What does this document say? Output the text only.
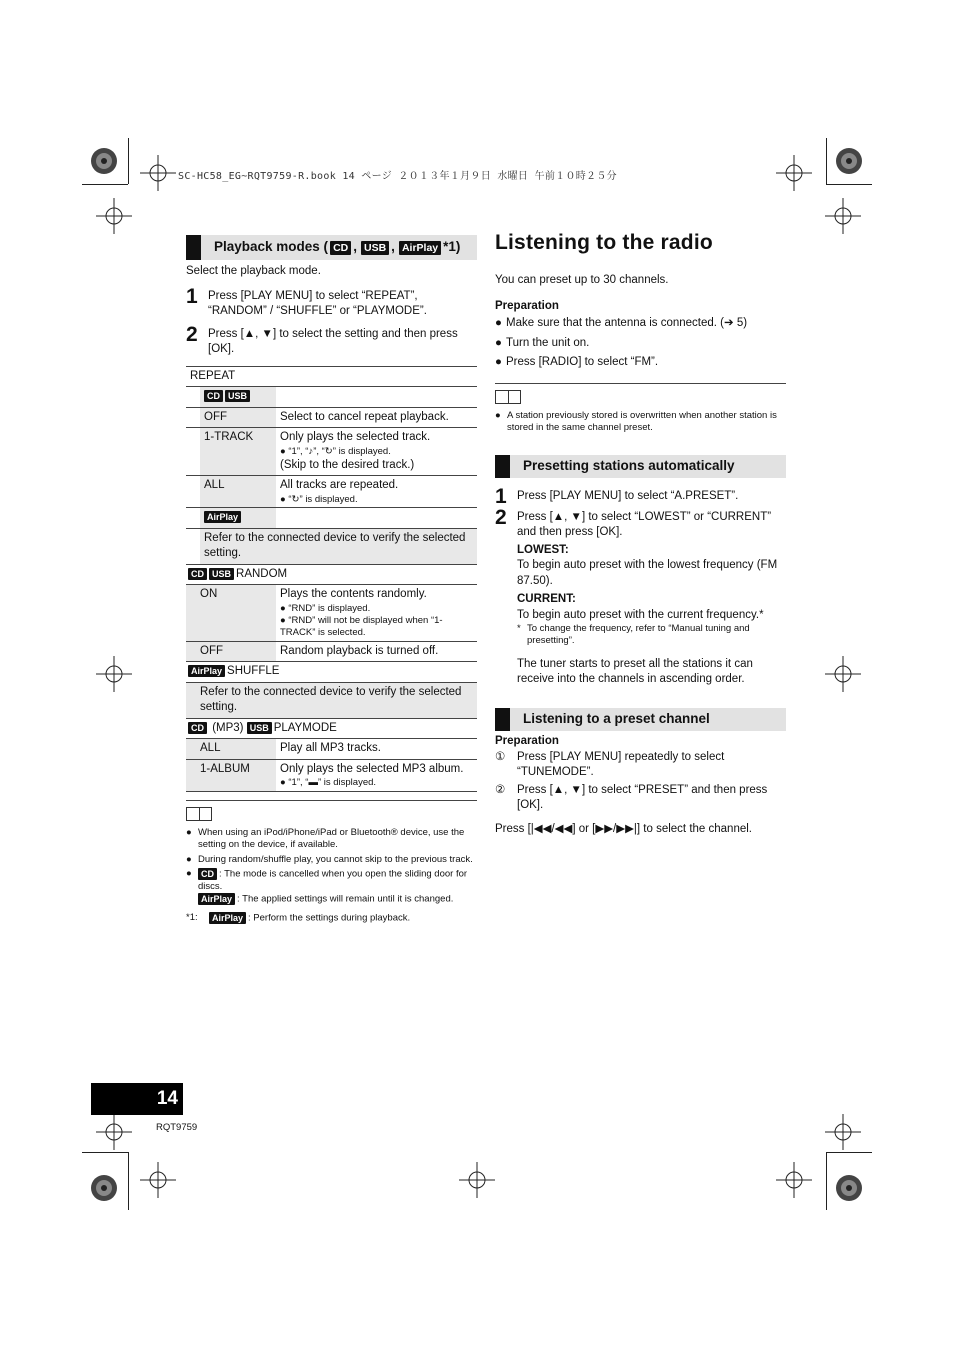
SC-HC58_EG~RQT9759-R.book 14 ページ ２０１３年１月９日 水曜日 午前１０時２５分
Playback modes ( CD , USB , AirPlay *1)

Select the playback mode.

1 Press [PLAY MENU] to select “REPEAT”, “RANDOM” / “SHUFFLE” or “PLAYMODE”.
2 Press [▲, ▼] to select the setting and then press [OK].
REPEAT		
	CD USB	
	OFF	Select to cancel repeat playback.
	1-TRACK	Only plays the selected track.
● “1”, “♪”, “↻” is displayed.
(Skip to the desired track.)

	ALL	All tracks are repeated.
● “↻” is displayed.

	AirPlay	
	Refer to the connected device to verify the selected setting.	
CD USB RANDOM		
ON		Plays the contents randomly.
● “RND” is displayed.
● “RND” will not be displayed when “1-TRACK” is selected.

OFF		Random playback is turned off.
AirPlay SHUFFLE		
Refer to the connected device to verify the selected setting.		
CD (MP3) USB PLAYMODE		
ALL		Play all MP3 tracks.
1-ALBUM		Only plays the selected MP3 album.
● “1”, “▬” is displayed.
● When using an iPod/iPhone/iPad or Bluetooth® device, use the setting on the device, if available.
● During random/shuffle play, you cannot skip to the previous track.
●	CD : The mode is cancelled when you open the sliding door for discs.
AirPlay : The applied settings will remain until it is changed.
*1:	AirPlay : Perform the settings during playback.
Listening to the radio

You can preset up to 30 channels.

Preparation

● Make sure that the antenna is connected. (➔ 5)
● Turn the unit on.
● Press [RADIO] to select “FM”.
● A station previously stored is overwritten when another station is stored in the same channel preset.
Presetting stations automatically
1 Press [PLAY MENU] to select “A.PRESET”.
2 Press [▲, ▼] to select “LOWEST” or “CURRENT” and then press [OK].
LOWEST:
To begin auto preset with the lowest frequency (FM 87.50).
CURRENT:
To begin auto preset with the current frequency.*
* To change the frequency, refer to “Manual tuning and presetting”.
The tuner starts to preset all the stations it can receive into the channels in ascending order.
Listening to a preset channel

Preparation

①	Press [PLAY MENU] repeatedly to select “TUNEMODE”.
②	Press [▲, ▼] to select “PRESET” and then press [OK].

Press [|◀◀/◀◀] or [▶▶/▶▶|] to select the channel.

14
RQT9759
